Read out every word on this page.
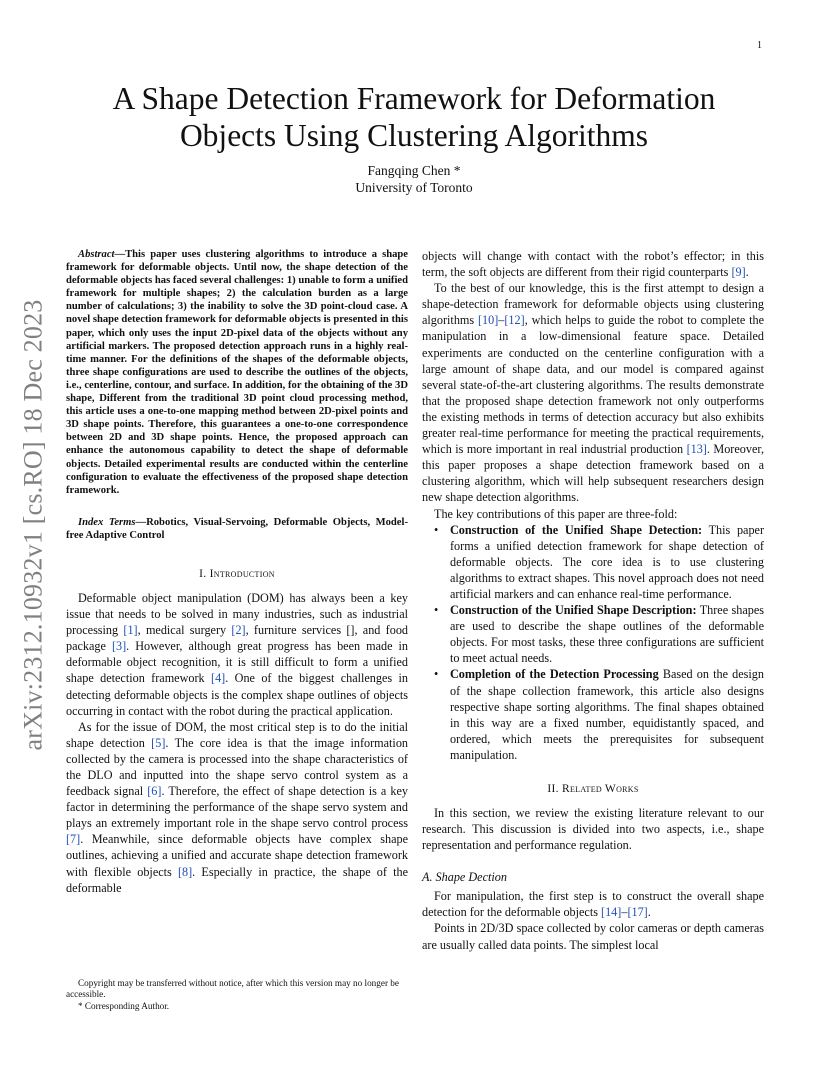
1
arXiv:2312.10932v1 [cs.RO] 18 Dec 2023
A Shape Detection Framework for Deformation Objects Using Clustering Algorithms
Fangqing Chen *
University of Toronto

Abstract—This paper uses clustering algorithms to introduce a shape framework for deformable objects. Until now, the shape detection of the deformable objects has faced several challenges: 1) unable to form a unified framework for multiple shapes; 2) the calculation burden as a large number of calculations; 3) the inability to solve the 3D point-cloud case. A novel shape detection framework for deformable objects is presented in this paper, which only uses the input 2D-pixel data of the objects without any artificial markers. The proposed detection approach runs in a highly real-time manner. For the definitions of the shapes of the deformable objects, three shape configurations are used to describe the outlines of the objects, i.e., centerline, contour, and surface. In addition, for the obtaining of the 3D shape, Different from the traditional 3D point cloud processing method, this article uses a one-to-one mapping method between 2D-pixel points and 3D shape points. Therefore, this guarantees a one-to-one correspondence between 2D and 3D shape points. Hence, the proposed approach can enhance the autonomous capability to detect the shape of deformable objects. Detailed experimental results are conducted within the centerline configuration to evaluate the effectiveness of the proposed shape detection framework.

Index Terms—Robotics, Visual-Servoing, Deformable Objects, Model-free Adaptive Control

I. Introduction

Deformable object manipulation (DOM) has always been a key issue that needs to be solved in many industries, such as industrial processing [1], medical surgery [2], furniture services [], and food package [3]. However, although great progress has been made in deformable object recognition, it is still difficult to form a unified shape detection framework [4]. One of the biggest challenges in detecting deformable objects is the complex shape outlines of objects occurring in contact with the robot during the practical application.

As for the issue of DOM, the most critical step is to do the initial shape detection [5]. The core idea is that the image information collected by the camera is processed into the shape characteristics of the DLO and inputted into the shape servo control system as a feedback signal [6]. Therefore, the effect of shape detection is a key factor in determining the performance of the shape servo system and plays an extremely important role in the shape servo control process [7]. Meanwhile, since deformable objects have complex shape outlines, achieving a unified and accurate shape detection framework with flexible objects [8]. Especially in practice, the shape of the deformable

objects will change with contact with the robot’s effector; in this term, the soft objects are different from their rigid counterparts [9].

To the best of our knowledge, this is the first attempt to design a shape-detection framework for deformable objects using clustering algorithms [10]–[12], which helps to guide the robot to complete the manipulation in a low-dimensional feature space. Detailed experiments are conducted on the centerline configuration with a large amount of shape data, and our model is compared against several state-of-the-art clustering algorithms. The results demonstrate that the proposed shape detection framework not only outperforms the existing methods in terms of detection accuracy but also exhibits greater real-time performance for meeting the practical requirements, which is more important in real industrial production [13]. Moreover, this paper proposes a shape detection framework based on a clustering algorithm, which will help subsequent researchers design new shape detection algorithms.

The key contributions of this paper are three-fold:

• Construction of the Unified Shape Detection: This paper forms a unified detection framework for shape detection of deformable objects. The core idea is to use clustering algorithms to extract shapes. This novel approach does not need artificial markers and can enhance real-time performance.
• Construction of the Unified Shape Description: Three shapes are used to describe the shape outlines of the deformable objects. For most tasks, these three configurations are sufficient to meet actual needs.
• Completion of the Detection Processing Based on the design of the shape collection framework, this article also designs respective shape sorting algorithms. The final shapes obtained in this way are a fixed number, equidistantly spaced, and ordered, which meets the prerequisites for subsequent manipulation.
II. Related Works

In this section, we review the existing literature relevant to our research. This discussion is divided into two aspects, i.e., shape representation and performance regulation.

A. Shape Dection

For manipulation, the first step is to construct the overall shape detection for the deformable objects [14]–[17].

Points in 2D/3D space collected by color cameras or depth cameras are usually called data points. The simplest local

Copyright may be transferred without notice, after which this version may no longer be accessible.

* Corresponding Author.
